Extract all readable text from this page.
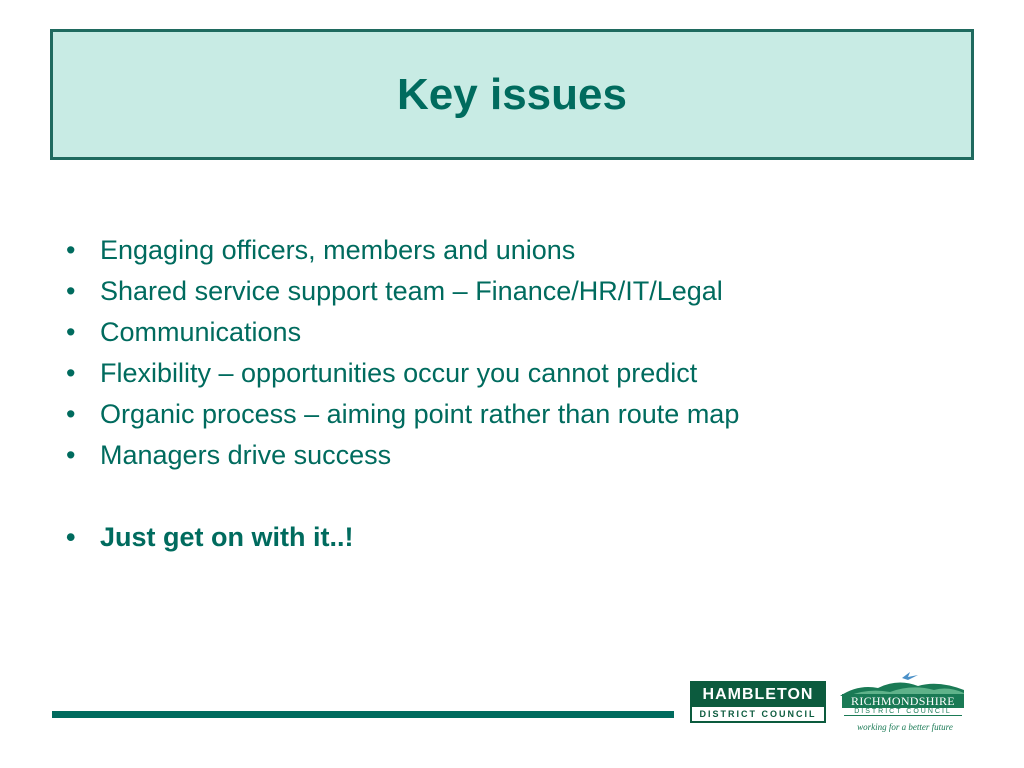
Key issues
• Engaging officers, members and unions
• Shared service support team – Finance/HR/IT/Legal
• Communications
• Flexibility – opportunities occur you cannot predict
• Organic process – aiming point rather than route map
• Managers drive success
• Just get on with it..!
HAMBLETON
DISTRICT COUNCIL
RICHMONDSHIRE
DISTRICT COUNCIL
working for a better future
